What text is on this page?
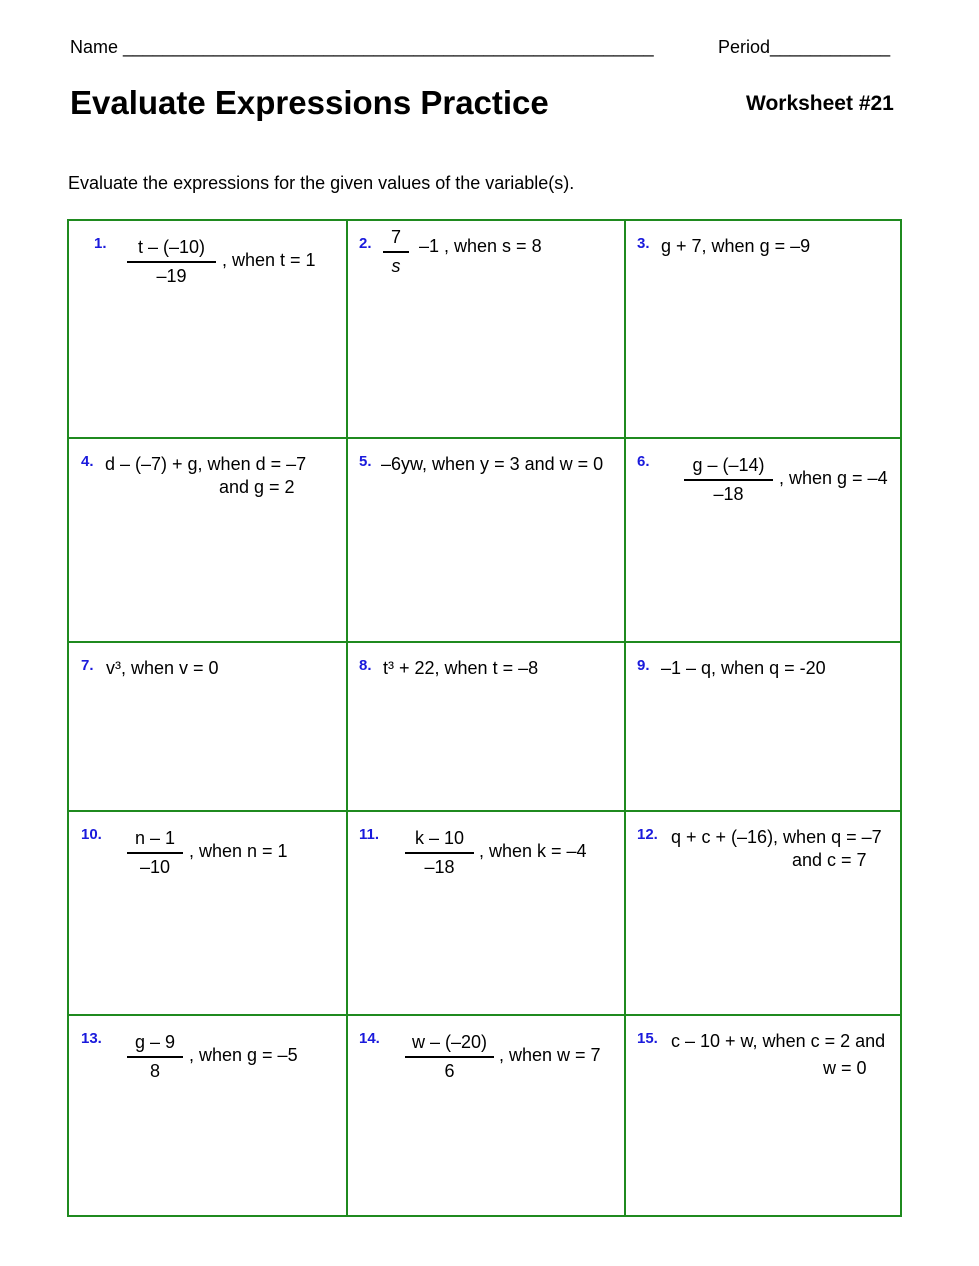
Name _____________________________________________________	Period____________
Evaluate Expressions Practice	Worksheet #21
Evaluate the expressions for the given values of the variable(s).
1.	t – (–10)
–19
, when t = 1
2.	7
s
–1 , when s = 8	3. g + 7, when g = –9
4. d – (–7) + g, when d = –7
and g = 2
5. –6yw, when y = 3 and w = 0 6.	g – (–14)
–18
, when g = –4
7. v³, when v = 0	8. t³ + 22, when t = –8	9. –1 – q, when q = -20
10.	n – 1
–10
, when n = 1
11.	k – 10
–18
, when k = –4
12. q + c + (–16), when q = –7
and c = 7
13.	g – 9
8
, when g = –5
14.	w – (–20)
6
, when w = 7
15. c – 10 + w, when c = 2 and
w = 0
